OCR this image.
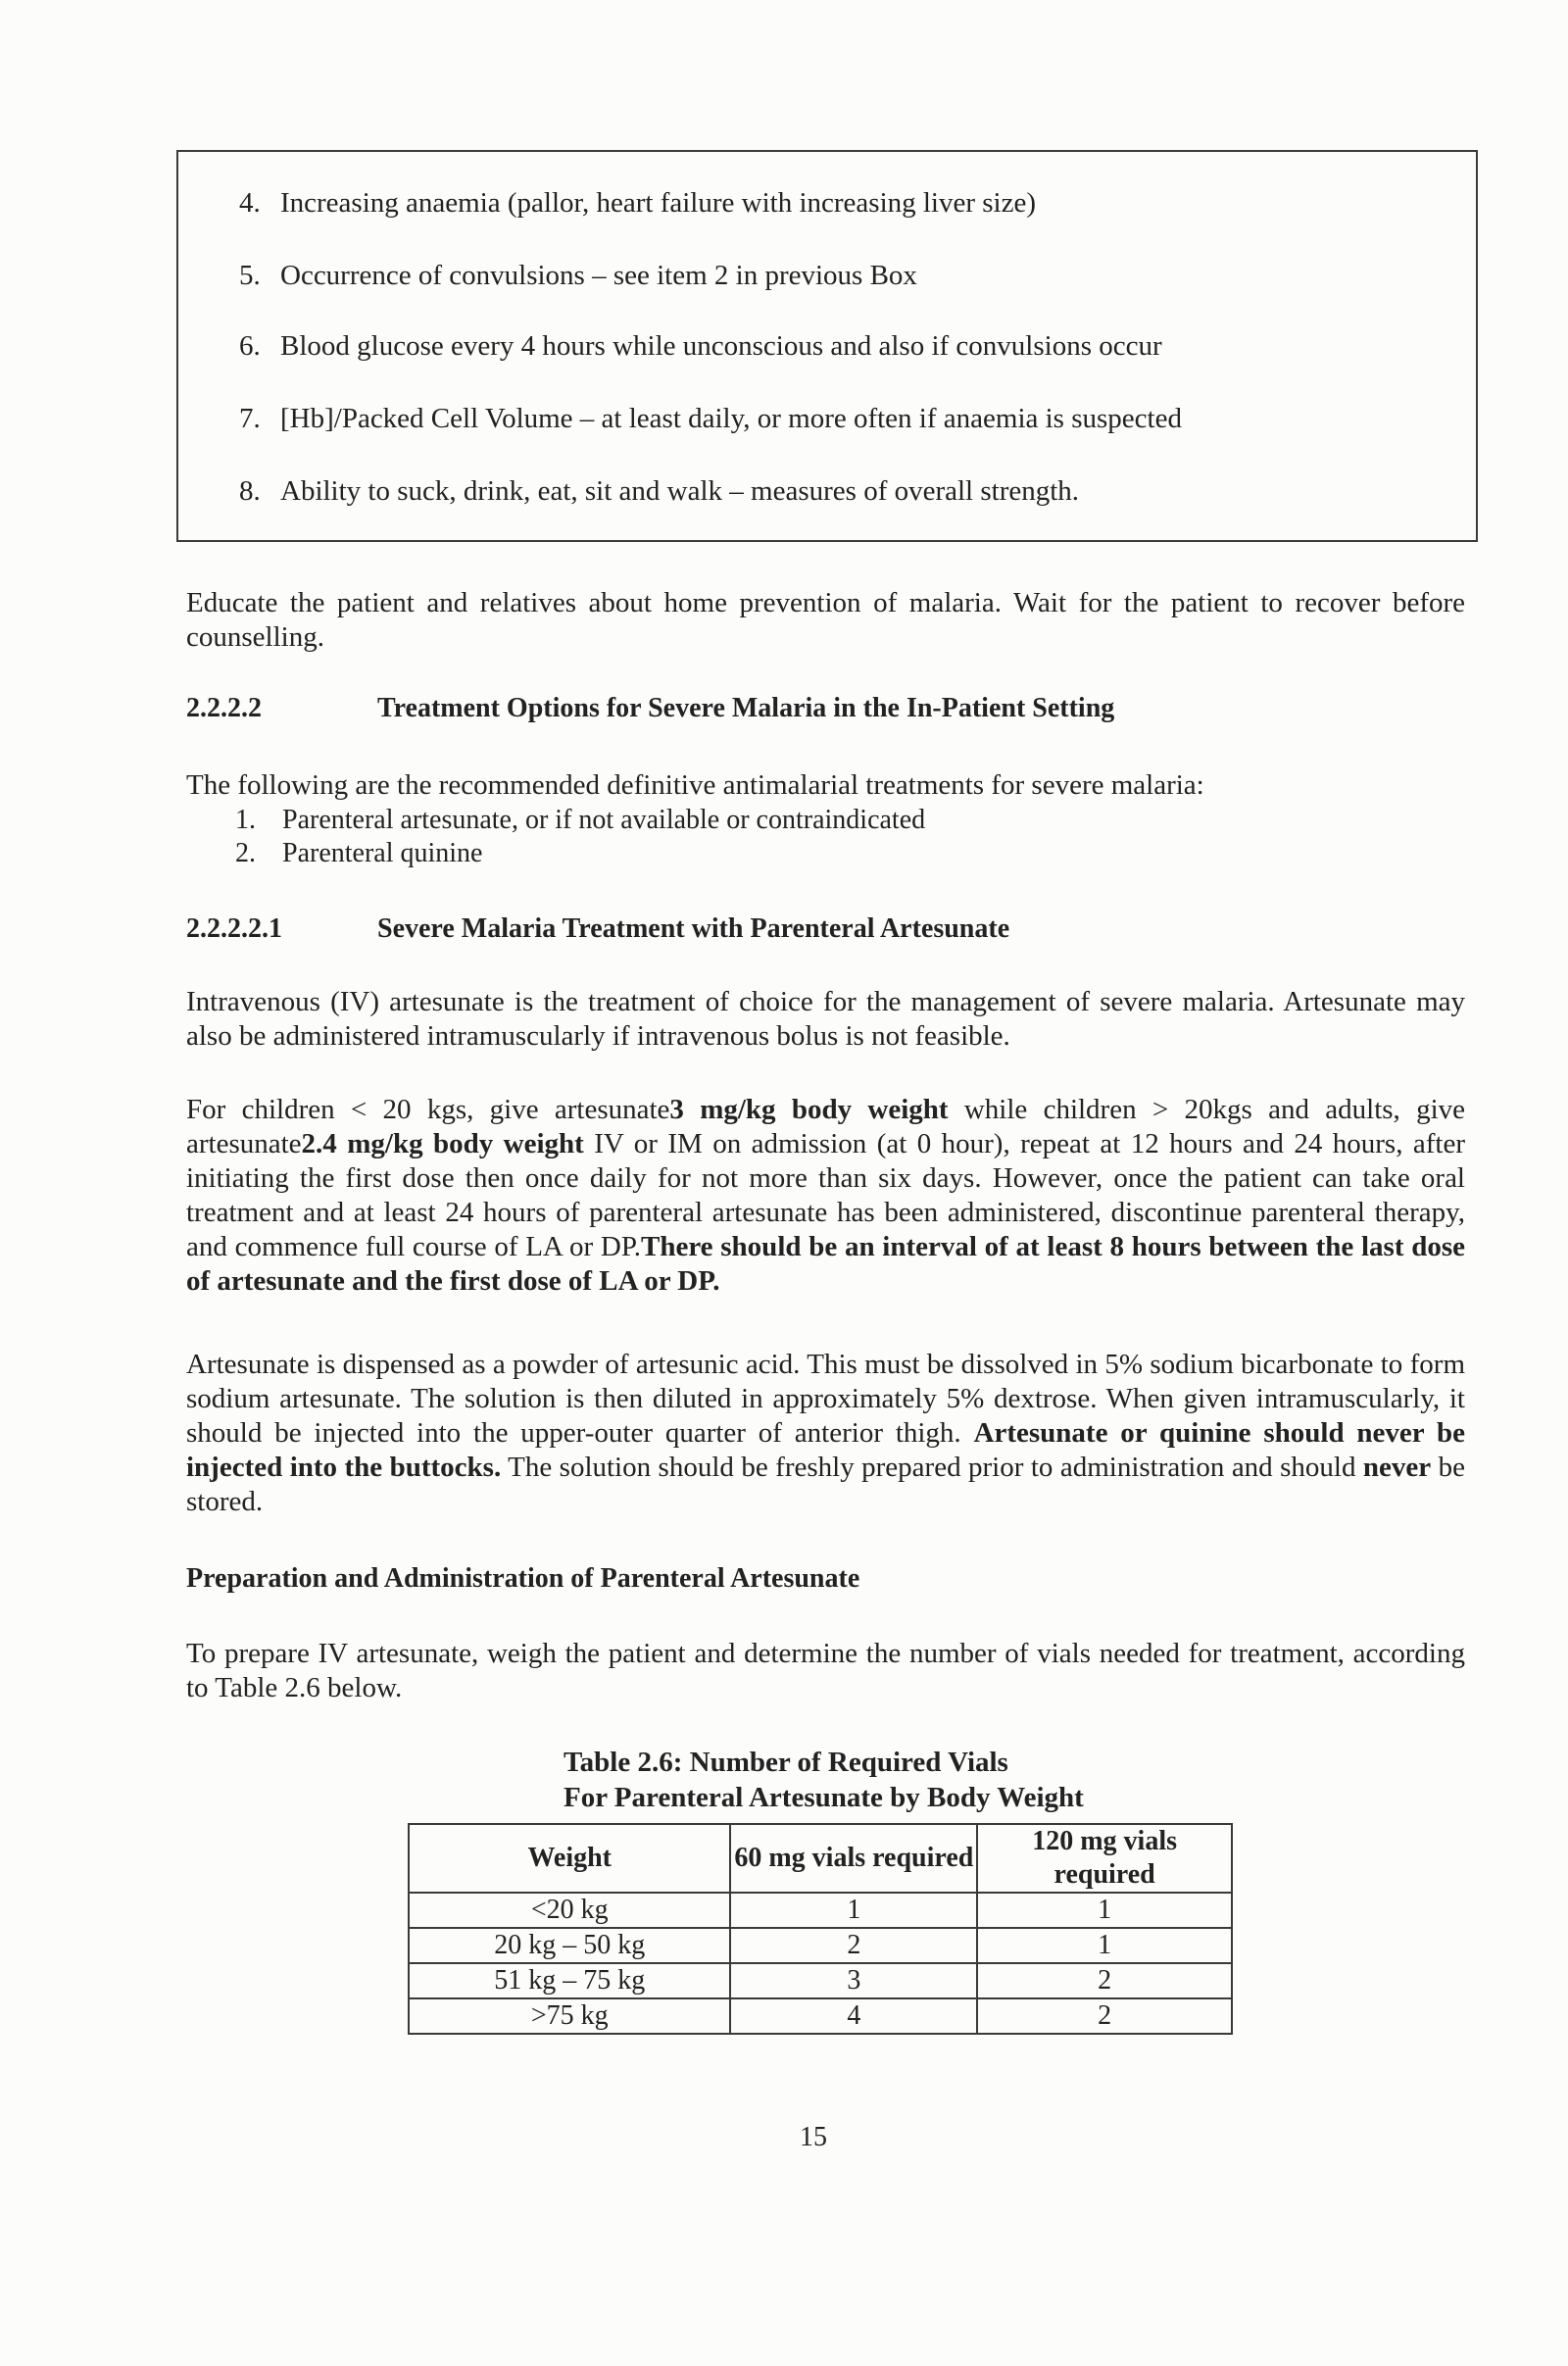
4. Increasing anaemia (pallor, heart failure with increasing liver size)
5. Occurrence of convulsions – see item 2 in previous Box
6. Blood glucose every 4 hours while unconscious and also if convulsions occur
7. [Hb]/Packed Cell Volume – at least daily, or more often if anaemia is suspected
8. Ability to suck, drink, eat, sit and walk – measures of overall strength.
Educate the patient and relatives about home prevention of malaria. Wait for the patient to recover before counselling.
2.2.2.2	Treatment Options for Severe Malaria in the In-Patient Setting
The following are the recommended definitive antimalarial treatments for severe malaria:
1. Parenteral artesunate, or if not available or contraindicated
2. Parenteral quinine
2.2.2.2.1	Severe Malaria Treatment with Parenteral Artesunate
Intravenous (IV) artesunate is the treatment of choice for the management of severe malaria. Artesunate may also be administered intramuscularly if intravenous bolus is not feasible.
For children < 20 kgs, give artesunate3 mg/kg body weight while children > 20kgs and adults, give artesunate2.4 mg/kg body weight IV or IM on admission (at 0 hour), repeat at 12 hours and 24 hours, after initiating the first dose then once daily for not more than six days. However, once the patient can take oral treatment and at least 24 hours of parenteral artesunate has been administered, discontinue parenteral therapy, and commence full course of LA or DP.There should be an interval of at least 8 hours between the last dose of artesunate and the first dose of LA or DP.
Artesunate is dispensed as a powder of artesunic acid. This must be dissolved in 5% sodium bicarbonate to form sodium artesunate. The solution is then diluted in approximately 5% dextrose. When given intramuscularly, it should be injected into the upper-outer quarter of anterior thigh. Artesunate or quinine should never be injected into the buttocks. The solution should be freshly prepared prior to administration and should never be stored.
Preparation and Administration of Parenteral Artesunate
To prepare IV artesunate, weigh the patient and determine the number of vials needed for treatment, according to Table 2.6 below.
Table 2.6: Number of Required Vials
For Parenteral Artesunate by Body Weight
Weight	60 mg vials required	120 mg vials required
<20 kg	1	1
20 kg – 50 kg	2	1
51 kg – 75 kg	3	2
>75 kg	4	2
15
